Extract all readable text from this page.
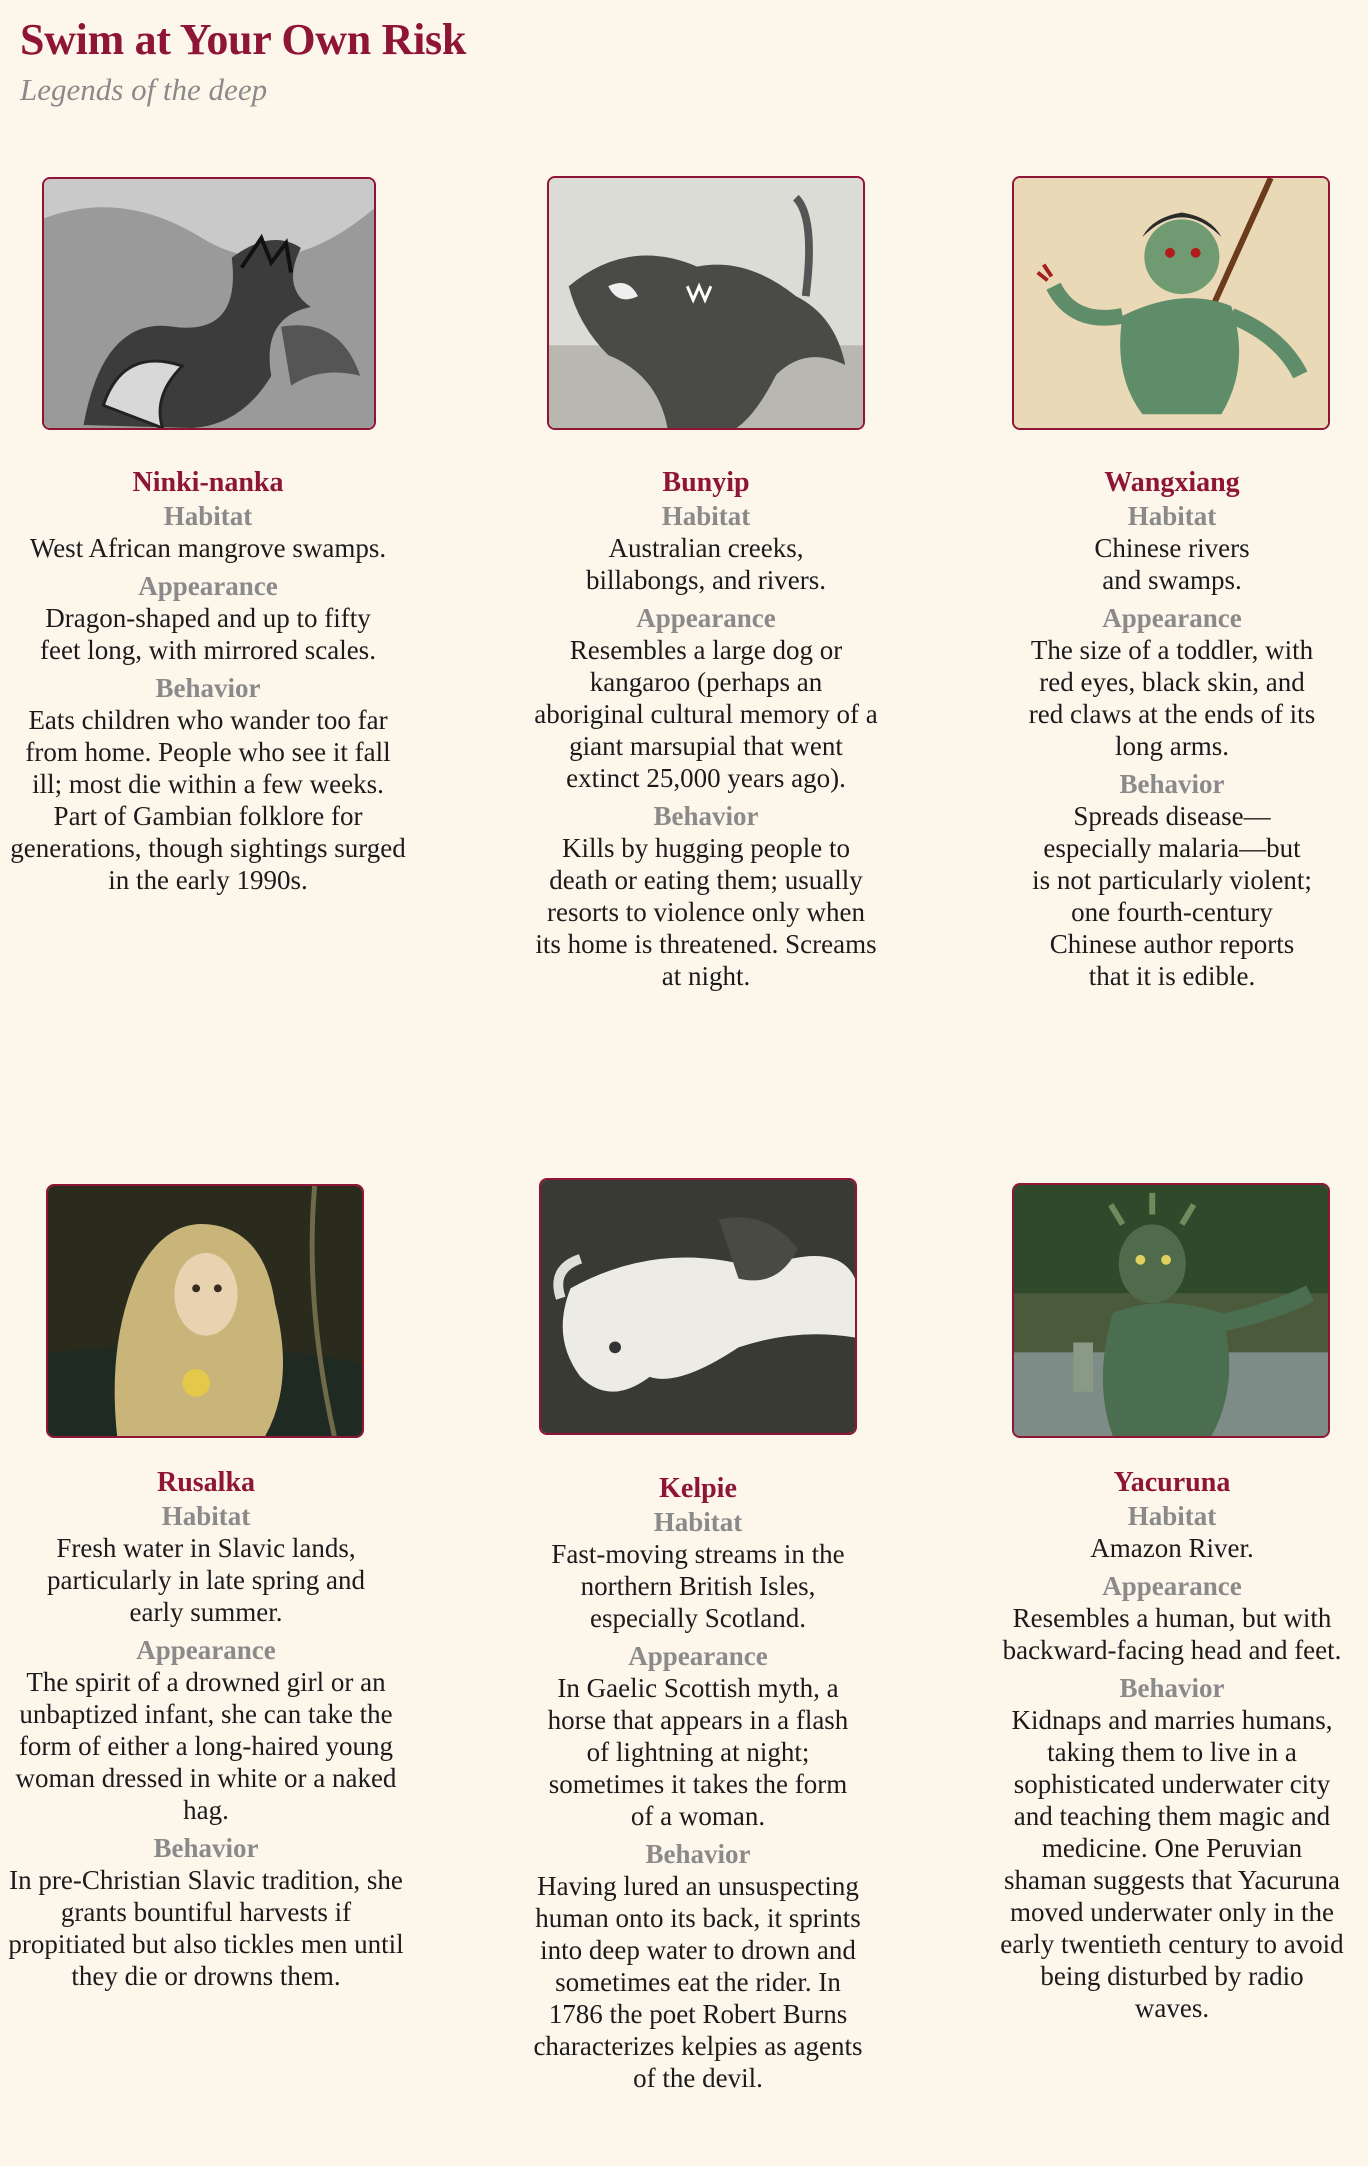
Swim at Your Own Risk

Legends of the deep

Ninki-nanka

Habitat

West African mangrove swamps.

Appearance

Dragon-shaped and up to fifty feet long, with mirrored scales.

Behavior

Eats children who wander too far from home. People who see it fall ill; most die within a few weeks. Part of Gambian folklore for generations, though sightings surged in the early 1990s.

Bunyip

Habitat

Australian creeks, billabongs, and rivers.

Appearance

Resembles a large dog or kangaroo (perhaps an aboriginal cultural memory of a giant marsupial that went extinct 25,000 years ago).

Behavior

Kills by hugging people to death or eating them; usually resorts to violence only when its home is threatened. Screams at night.

Wangxiang

Habitat

Chinese rivers and swamps.

Appearance

The size of a toddler, with red eyes, black skin, and red claws at the ends of its long arms.

Behavior

Spreads disease—especially malaria—but is not particularly violent; one fourth-century Chinese author reports that it is edible.

Rusalka

Habitat

Fresh water in Slavic lands, particularly in late spring and early summer.

Appearance

The spirit of a drowned girl or an unbaptized infant, she can take the form of either a long-haired young woman dressed in white or a naked hag.

Behavior

In pre-Christian Slavic tradition, she grants bountiful harvests if propitiated but also tickles men until they die or drowns them.

Kelpie

Habitat

Fast-moving streams in the northern British Isles, especially Scotland.

Appearance

In Gaelic Scottish myth, a horse that appears in a flash of lightning at night; sometimes it takes the form of a woman.

Behavior

Having lured an unsuspecting human onto its back, it sprints into deep water to drown and sometimes eat the rider. In 1786 the poet Robert Burns characterizes kelpies as agents of the devil.

Yacuruna

Habitat

Amazon River.

Appearance

Resembles a human, but with backward-facing head and feet.

Behavior

Kidnaps and marries humans, taking them to live in a sophisticated underwater city and teaching them magic and medicine. One Peruvian shaman suggests that Yacuruna moved underwater only in the early twentieth century to avoid being disturbed by radio waves.
